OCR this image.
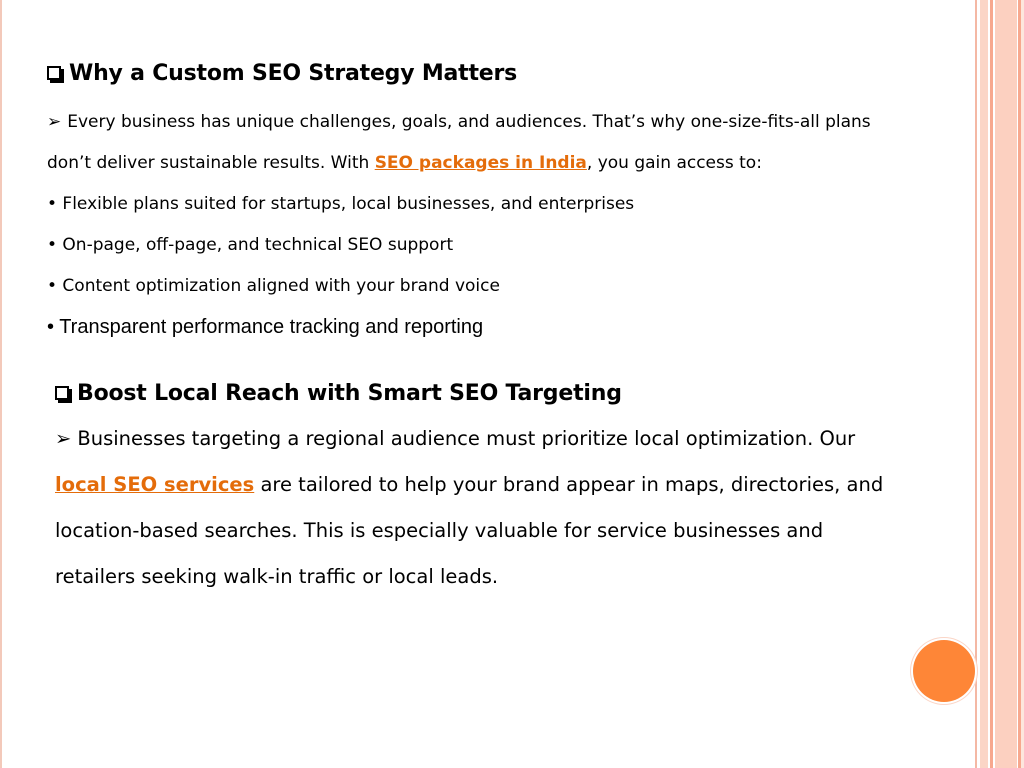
Why a Custom SEO Strategy Matters
➢ Every business has unique challenges, goals, and audiences. That’s why one-size-fits-all plans
don’t deliver sustainable results. With SEO packages in India, you gain access to:
• Flexible plans suited for startups, local businesses, and enterprises
• On-page, off-page, and technical SEO support
• Content optimization aligned with your brand voice
• Transparent performance tracking and reporting
Boost Local Reach with Smart SEO Targeting
➢ Businesses targeting a regional audience must prioritize local optimization. Our
local SEO services are tailored to help your brand appear in maps, directories, and
location-based searches. This is especially valuable for service businesses and
retailers seeking walk-in traffic or local leads.
